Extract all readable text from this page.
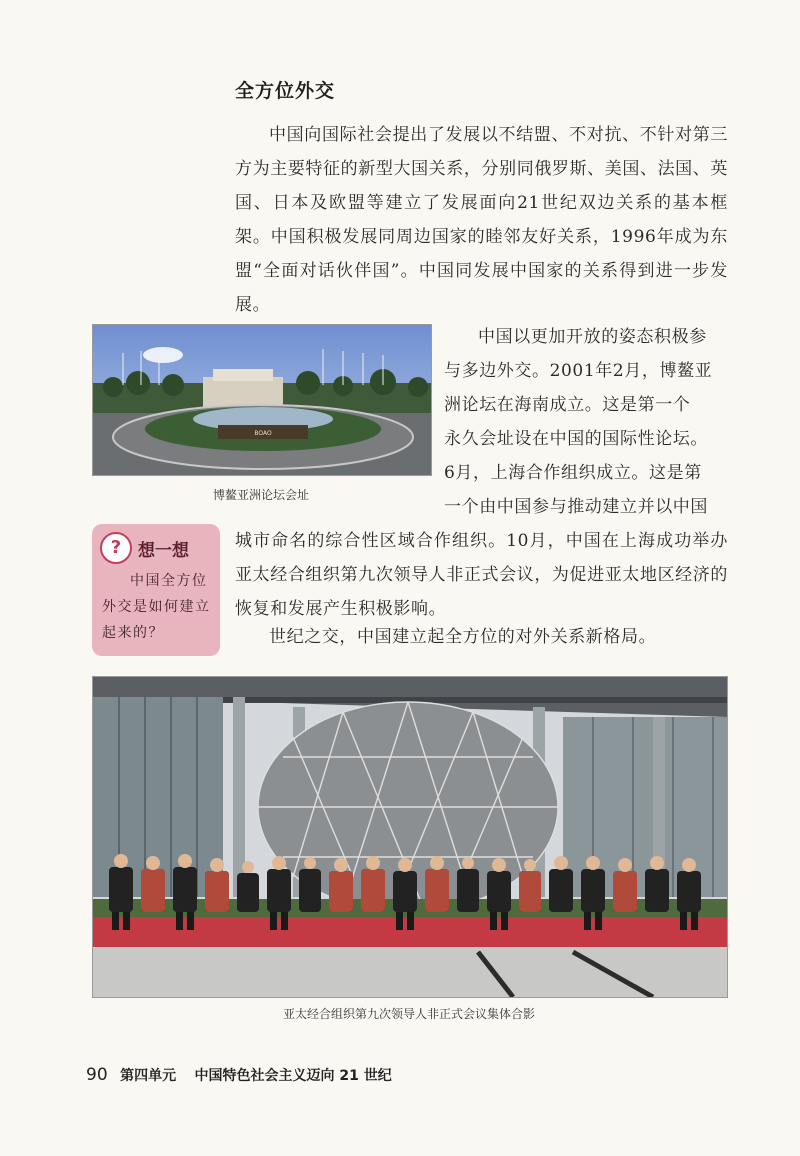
全方位外交

中国向国际社会提出了发展以不结盟、不对抗、不针对第三方为主要特征的新型大国关系，分别同俄罗斯、美国、法国、英国、日本及欧盟等建立了发展面向21世纪双边关系的基本框架。中国积极发展同周边国家的睦邻友好关系，1996年成为东盟“全面对话伙伴国”。中国同发展中国家的关系得到进一步发展。

BOAO
博鳌亚洲论坛会址
中国以更加开放的姿态积极参
与多边外交。2001年2月，博鳌亚
洲论坛在海南成立。这是第一个
永久会址设在中国的国际性论坛。
6月，上海合作组织成立。这是第
一个由中国参与推动建立并以中国
? 想一想
中国全方位外交是如何建立起来的？

城市命名的综合性区域合作组织。10月，中国在上海成功举办亚太经合组织第九次领导人非正式会议，为促进亚太地区经济的恢复和发展产生积极影响。

世纪之交，中国建立起全方位的对外关系新格局。

亚太经合组织第九次领导人非正式会议集体合影
90 第四单元 中国特色社会主义迈向 21 世纪
